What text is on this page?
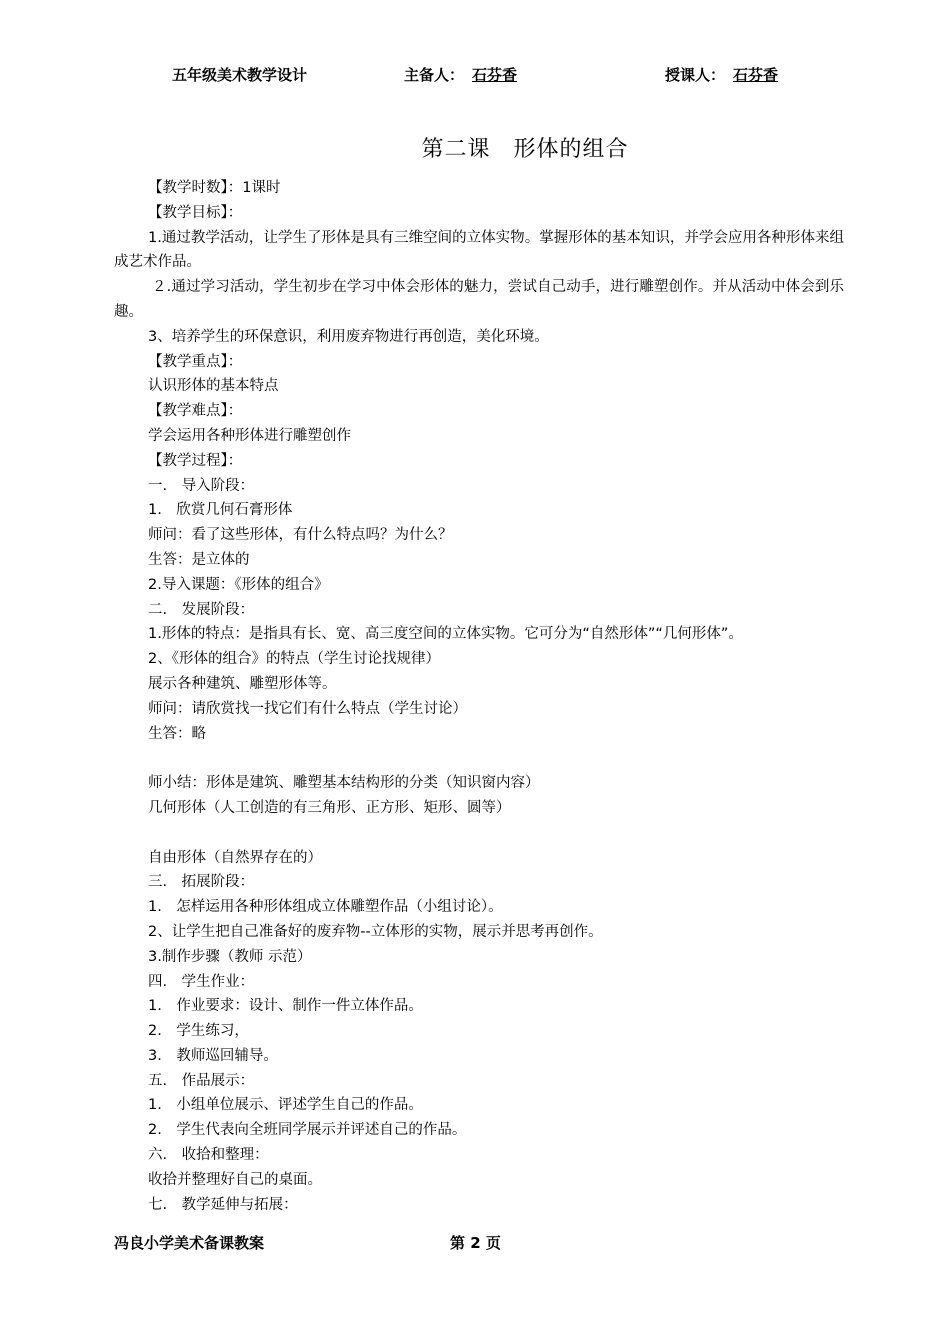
五年级美术教学设计	主备人： 石芬香	授课人： 石芬香
第二课　形体的组合
【教学时数】：1课时
【教学目标】：
1.通过教学活动，让学生了形体是具有三维空间的立体实物。掌握形体的基本知识，并学会应用各种形体来组成艺术作品。
２.通过学习活动，学生初步在学习中体会形体的魅力，尝试自己动手，进行雕塑创作。并从活动中体会到乐趣。
3、培养学生的环保意识，利用废弃物进行再创造，美化环境。
【教学重点】：
认识形体的基本特点
【教学难点】：
学会运用各种形体进行雕塑创作
【教学过程】：
一.　导入阶段：
1.　欣赏几何石膏形体
师问：看了这些形体，有什么特点吗？为什么？
生答：是立体的
2.导入课题：《形体的组合》
二.　发展阶段：
1.形体的特点：是指具有长、宽、高三度空间的立体实物。它可分为“自然形体”“几何形体”。
2、《形体的组合》的特点（学生讨论找规律）
展示各种建筑、雕塑形体等。
师问：请欣赏找一找它们有什么特点（学生讨论）
生答：略
师小结：形体是建筑、雕塑基本结构形的分类（知识窗内容）
几何形体（人工创造的有三角形、正方形、矩形、圆等）
自由形体（自然界存在的）
三.　拓展阶段：
1.　怎样运用各种形体组成立体雕塑作品（小组讨论）。
2、让学生把自己准备好的废弃物--立体形的实物，展示并思考再创作。
3.制作步骤（教师 示范）
四.　学生作业：
1.　作业要求：设计、制作一件立体作品。
2.　学生练习，
3.　教师巡回辅导。
五.　作品展示：
1.　小组单位展示、评述学生自己的作品。
2.　学生代表向全班同学展示并评述自己的作品。
六.　收拾和整理：
收拾并整理好自己的桌面。
七.　教学延伸与拓展：
冯良小学美术备课教案	第 2 页
